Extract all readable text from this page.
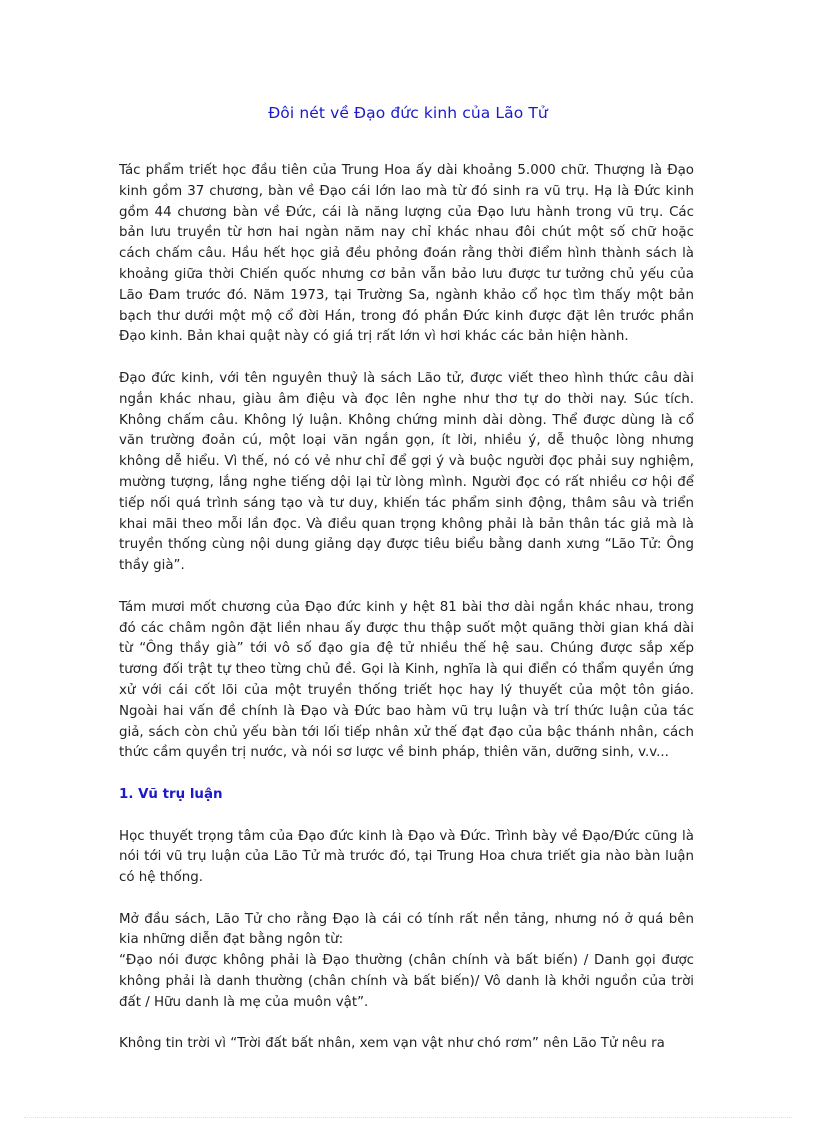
Đôi nét về Đạo đức kinh của Lão Tử

Tác phẩm triết học đầu tiên của Trung Hoa ấy dài khoảng 5.000 chữ. Thượng là Đạo kinh gồm 37 chương, bàn về Đạo cái lớn lao mà từ đó sinh ra vũ trụ. Hạ là Đức kinh gồm 44 chương bàn về Đức, cái là năng lượng của Đạo lưu hành trong vũ trụ. Các bản lưu truyền từ hơn hai ngàn năm nay chỉ khác nhau đôi chút một số chữ hoặc cách chấm câu. Hầu hết học giả đều phỏng đoán rằng thời điểm hình thành sách là khoảng giữa thời Chiến quốc nhưng cơ bản vẫn bảo lưu được tư tưởng chủ yếu của Lão Đam trước đó. Năm 1973, tại Trường Sa, ngành khảo cổ học tìm thấy một bản bạch thư dưới một mộ cổ đời Hán, trong đó phần Đức kinh được đặt lên trước phần Đạo kinh. Bản khai quật này có giá trị rất lớn vì hơi khác các bản hiện hành.

Đạo đức kinh, với tên nguyên thuỷ là sách Lão tử, được viết theo hình thức câu dài ngắn khác nhau, giàu âm điệu và đọc lên nghe như thơ tự do thời nay. Súc tích. Không chấm câu. Không lý luận. Không chứng minh dài dòng. Thể được dùng là cổ văn trường đoản cú, một loại văn ngắn gọn, ít lời, nhiều ý, dễ thuộc lòng nhưng không dễ hiểu. Vì thế, nó có vẻ như chỉ để gợi ý và buộc người đọc phải suy nghiệm, mường tượng, lắng nghe tiếng dội lại từ lòng mình. Người đọc có rất nhiều cơ hội để tiếp nối quá trình sáng tạo và tư duy, khiến tác phẩm sinh động, thâm sâu và triển khai mãi theo mỗi lần đọc. Và điều quan trọng không phải là bản thân tác giả mà là truyền thống cùng nội dung giảng dạy được tiêu biểu bằng danh xưng “Lão Tử: Ông thầy già”.

Tám mươi mốt chương của Đạo đức kinh y hệt 81 bài thơ dài ngắn khác nhau, trong đó các châm ngôn đặt liền nhau ấy được thu thập suốt một quãng thời gian khá dài từ “Ông thầy già” tới vô số đạo gia đệ tử nhiều thế hệ sau. Chúng được sắp xếp tương đối trật tự theo từng chủ đề. Gọi là Kinh, nghĩa là qui điển có thẩm quyền ứng xử với cái cốt lõi của một truyền thống triết học hay lý thuyết của một tôn giáo. Ngoài hai vấn đề chính là Đạo và Đức bao hàm vũ trụ luận và trí thức luận của tác giả, sách còn chủ yếu bàn tới lối tiếp nhân xử thế đạt đạo của bậc thánh nhân, cách thức cầm quyền trị nước, và nói sơ lược về binh pháp, thiên văn, dưỡng sinh, v.v...

1. Vũ trụ luận

Học thuyết trọng tâm của Đạo đức kinh là Đạo và Đức. Trình bày về Đạo/Đức cũng là nói tới vũ trụ luận của Lão Tử mà trước đó, tại Trung Hoa chưa triết gia nào bàn luận có hệ thống.

Mở đầu sách, Lão Tử cho rằng Đạo là cái có tính rất nền tảng, nhưng nó ở quá bên kia những diễn đạt bằng ngôn từ:

“Đạo nói được không phải là Đạo thường (chân chính và bất biến) / Danh gọi được không phải là danh thường (chân chính và bất biến)/ Vô danh là khởi nguồn của trời đất / Hữu danh là mẹ của muôn vật”.

Không tin trời vì “Trời đất bất nhân, xem vạn vật như chó rơm” nên Lão Tử nêu ra
